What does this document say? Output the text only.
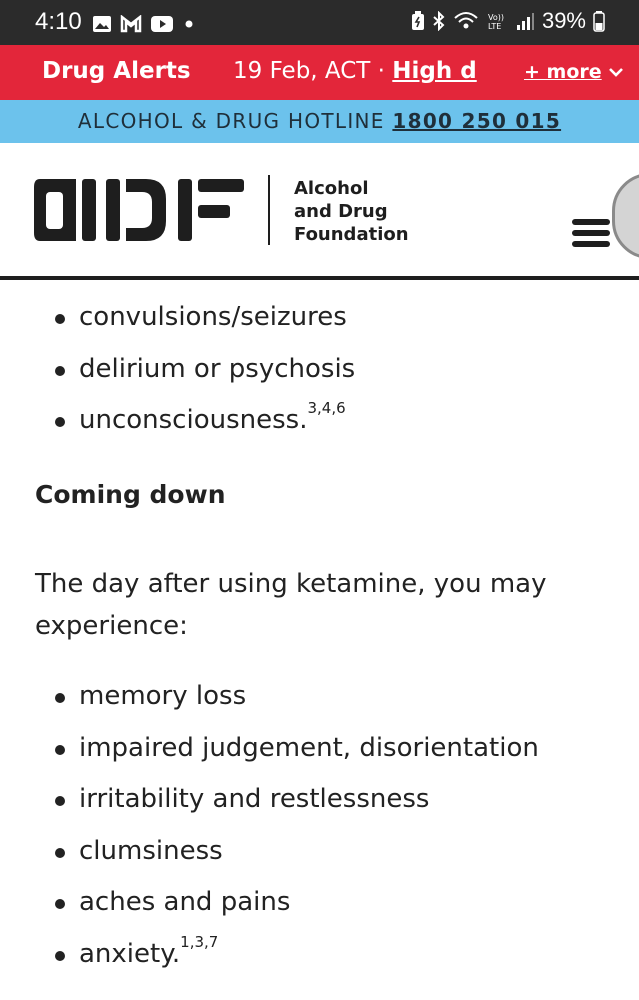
4:10	Vo))
LTE 39%
Drug Alerts 19 Feb, ACT · High d	+ more
ALCOHOL & DRUG HOTLINE 1800 250 015
Alcohol
and Drug
Foundation
convulsions/seizures
delirium or psychosis
unconsciousness.$^{3,4,6}$
Coming down
The day after using ketamine, you may experience:
memory loss
impaired judgement, disorientation
irritability and restlessness
clumsiness
aches and pains
anxiety.$^{1,3,7}$
